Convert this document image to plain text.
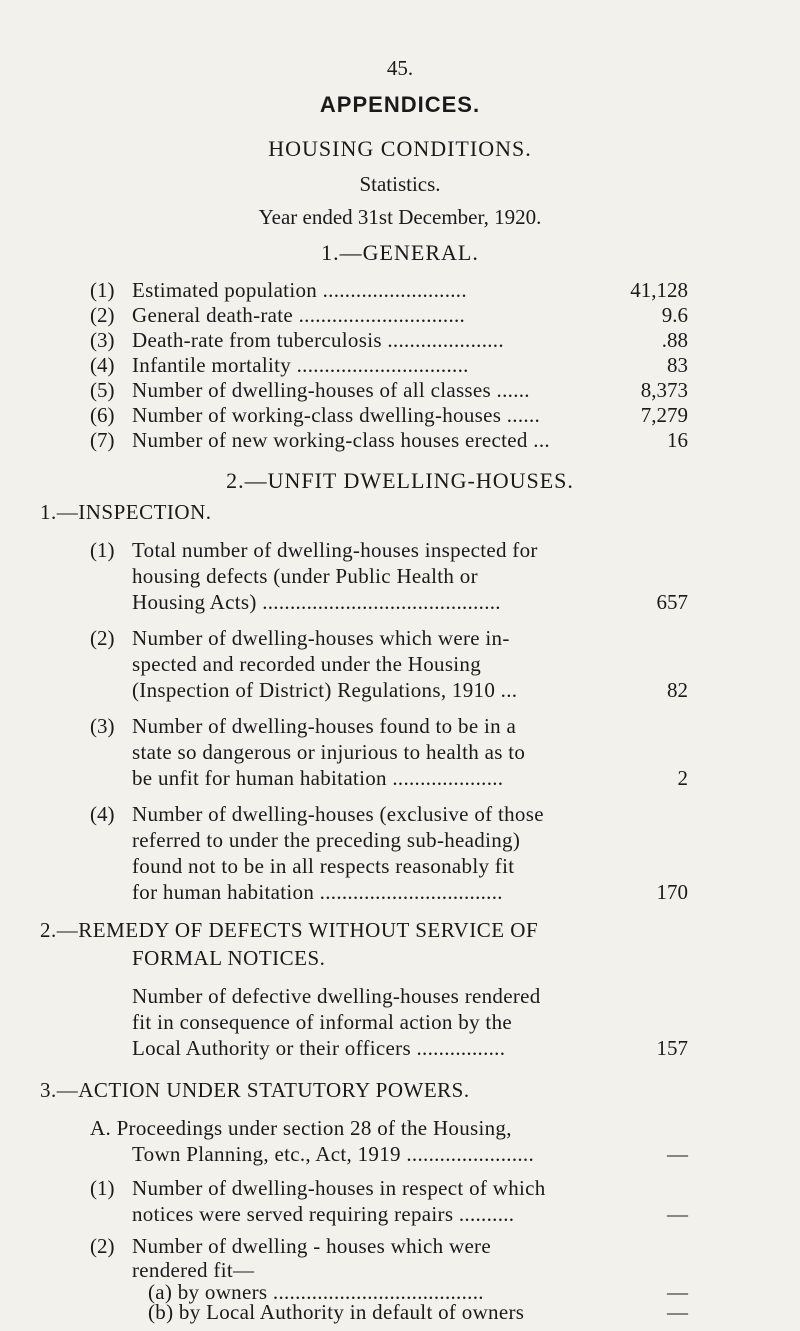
45.
APPENDICES.
HOUSING CONDITIONS.
Statistics.
Year ended 31st December, 1920.
1.—GENERAL.
(1) Estimated population ..........................	41,128
(2) General death-rate ..............................	9.6
(3) Death-rate from tuberculosis .....................	.88
(4) Infantile mortality ...............................	83
(5) Number of dwelling-houses of all classes ......	8,373
(6) Number of working-class dwelling-houses ......	7,279
(7) Number of new working-class houses erected ...	16
2.—UNFIT DWELLING-HOUSES.
1.—INSPECTION.
(1) Total number of dwelling-houses inspected for
housing defects (under Public Health or
Housing Acts) ...........................................	657
(2) Number of dwelling-houses which were in-
spected and recorded under the Housing
(Inspection of District) Regulations, 1910 ...	82
(3) Number of dwelling-houses found to be in a
state so dangerous or injurious to health as to
be unfit for human habitation ....................	2
(4) Number of dwelling-houses (exclusive of those
referred to under the preceding sub-heading)
found not to be in all respects reasonably fit
for human habitation .................................	170
2.—REMEDY OF DEFECTS WITHOUT SERVICE OF
FORMAL NOTICES.
Number of defective dwelling-houses rendered
fit in consequence of informal action by the
Local Authority or their officers ................	157
3.—ACTION UNDER STATUTORY POWERS.
A. Proceedings under section 28 of the Housing,
Town Planning, etc., Act, 1919 .......................	—
(1) Number of dwelling-houses in respect of which
notices were served requiring repairs ..........	—
(2) Number of dwelling - houses which were
rendered fit—
(a) by owners ......................................	—
(b) by Local Authority in default of owners	—
